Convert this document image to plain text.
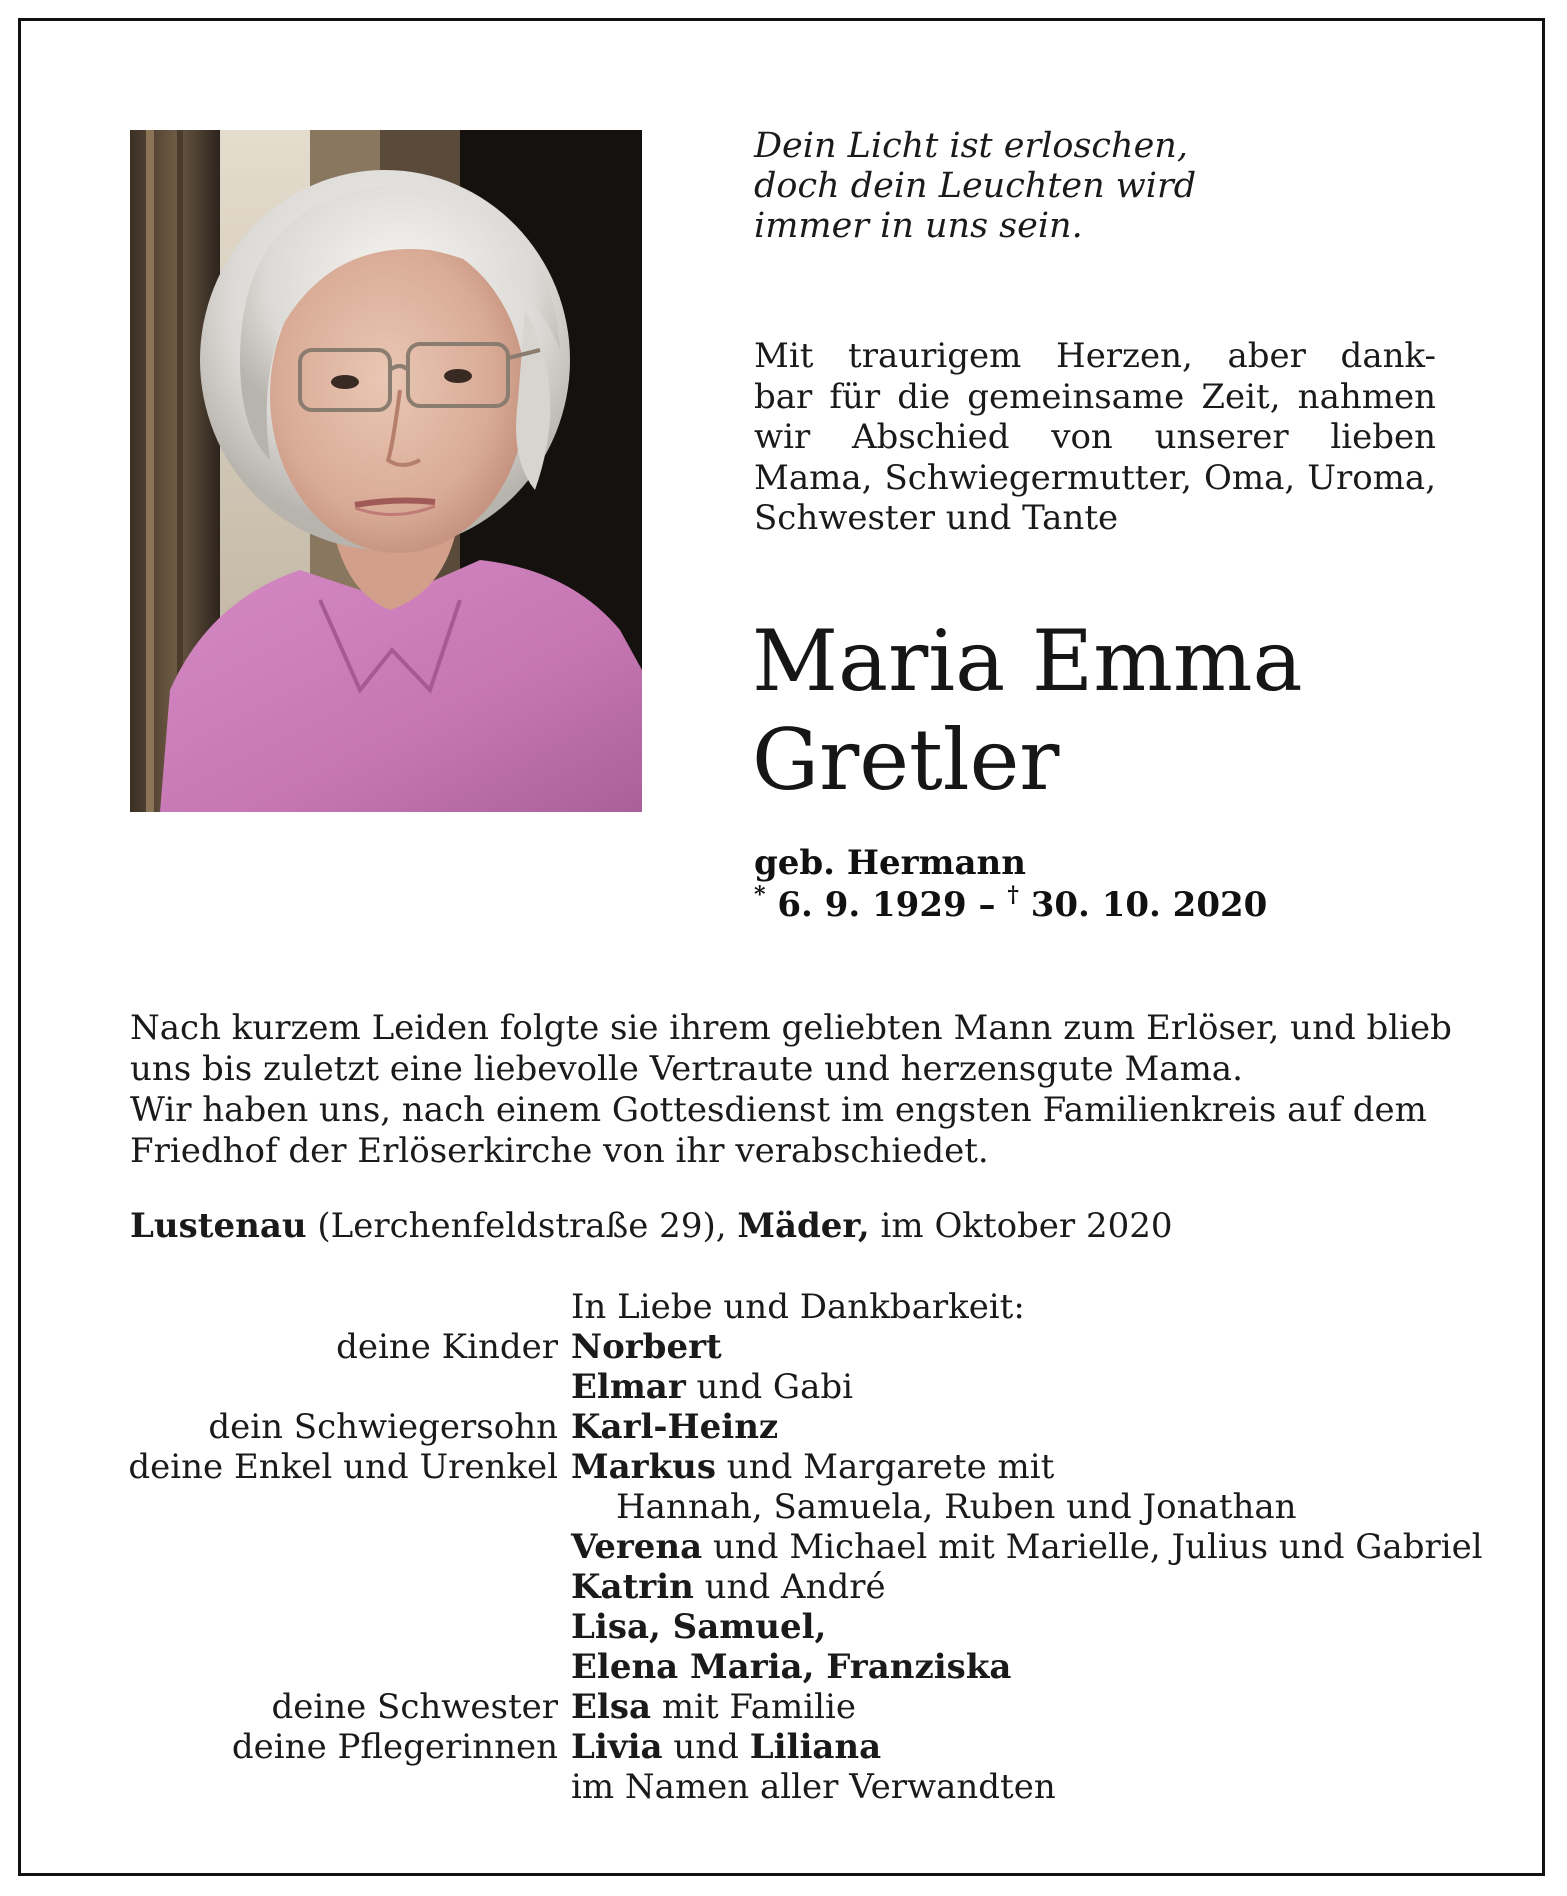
Dein Licht ist erloschen,
doch dein Leuchten wird
immer in uns sein.
Mit traurigem Herzen, aber dank-
bar für die gemeinsame Zeit, nahmen
wir Abschied von unserer lieben
Mama, Schwiegermutter, Oma, Uroma,
Schwester und Tante
Maria Emma
Gretler
geb. Hermann
* 6. 9. 1929 – † 30. 10. 2020
Nach kurzem Leiden folgte sie ihrem geliebten Mann zum Erlöser, und blieb
uns bis zuletzt eine liebevolle Vertraute und herzensgute Mama.
Wir haben uns, nach einem Gottesdienst im engsten Familienkreis auf dem
Friedhof der Erlöserkirche von ihr verabschiedet.
Lustenau (Lerchenfeldstraße 29), Mäder, im Oktober 2020
In Liebe und Dankbarkeit:
deine Kinder Norbert
Elmar und Gabi
dein Schwiegersohn Karl-Heinz
deine Enkel und Urenkel Markus und Margarete mit
Hannah, Samuela, Ruben und Jonathan
Verena und Michael mit Marielle, Julius und Gabriel
Katrin und André
Lisa, Samuel,
Elena Maria, Franziska
deine Schwester Elsa mit Familie
deine Pflegerinnen Livia und Liliana
im Namen aller Verwandten
